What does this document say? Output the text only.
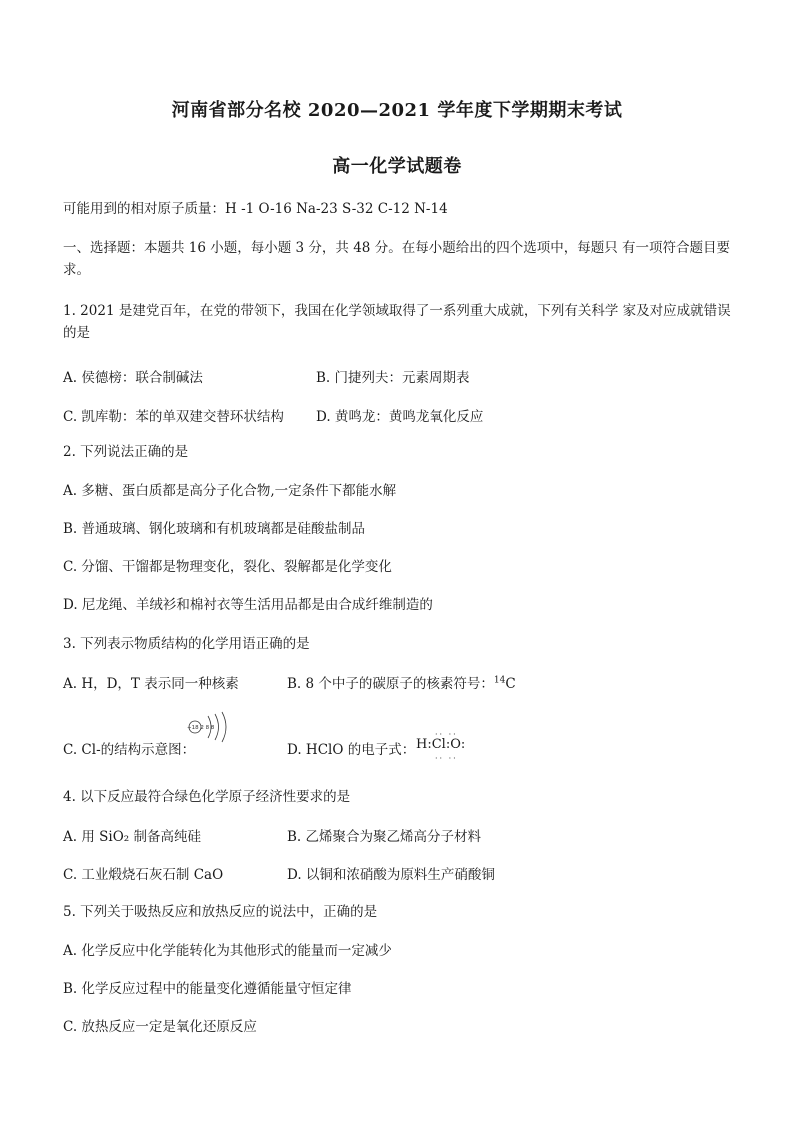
河南省部分名校 2020—2021 学年度下学期期末考试
高一化学试题卷
可能用到的相对原子质量：H -1 O-16 Na-23 S-32 C-12 N-14
一、选择题：本题共 16 小题，每小题 3 分，共 48 分。在每小题给出的四个选项中，每题只 有一项符合题目要求。
1. 2021 是建党百年，在党的带领下，我国在化学领域取得了一系列重大成就，下列有关科学 家及对应成就错误的是
A. 侯德榜：联合制碱法	B. 门捷列夫：元素周期表
C. 凯库勒：苯的单双建交替环状结构 D. 黄鸣龙：黄鸣龙氧化反应
2. 下列说法正确的是
A. 多糖、蛋白质都是高分子化合物,一定条件下都能水解
B. 普通玻璃、钢化玻璃和有机玻璃都是硅酸盐制品
C. 分馏、干馏都是物理变化，裂化、裂解都是化学变化
D. 尼龙绳、羊绒衫和棉衬衣等生活用品都是由合成纤维制造的
3. 下列表示物质结构的化学用语正确的是
A. H，D，T 表示同一种核素	B. 8 个中子的碳原子的核素符号：$^{14}$C
C. Cl-的结构示意图：
+18 2 8 8
D. HClO 的电子式： H:Cl:O:
·· ··
·· ··
4. 以下反应最符合绿色化学原子经济性要求的是
A. 用 SiO₂ 制备高纯硅	B. 乙烯聚合为聚乙烯高分子材料
C. 工业煅烧石灰石制 CaO	D. 以铜和浓硝酸为原料生产硝酸铜
5. 下列关于吸热反应和放热反应的说法中，正确的是
A. 化学反应中化学能转化为其他形式的能量而一定减少
B. 化学反应过程中的能量变化遵循能量守恒定律
C. 放热反应一定是氧化还原反应
